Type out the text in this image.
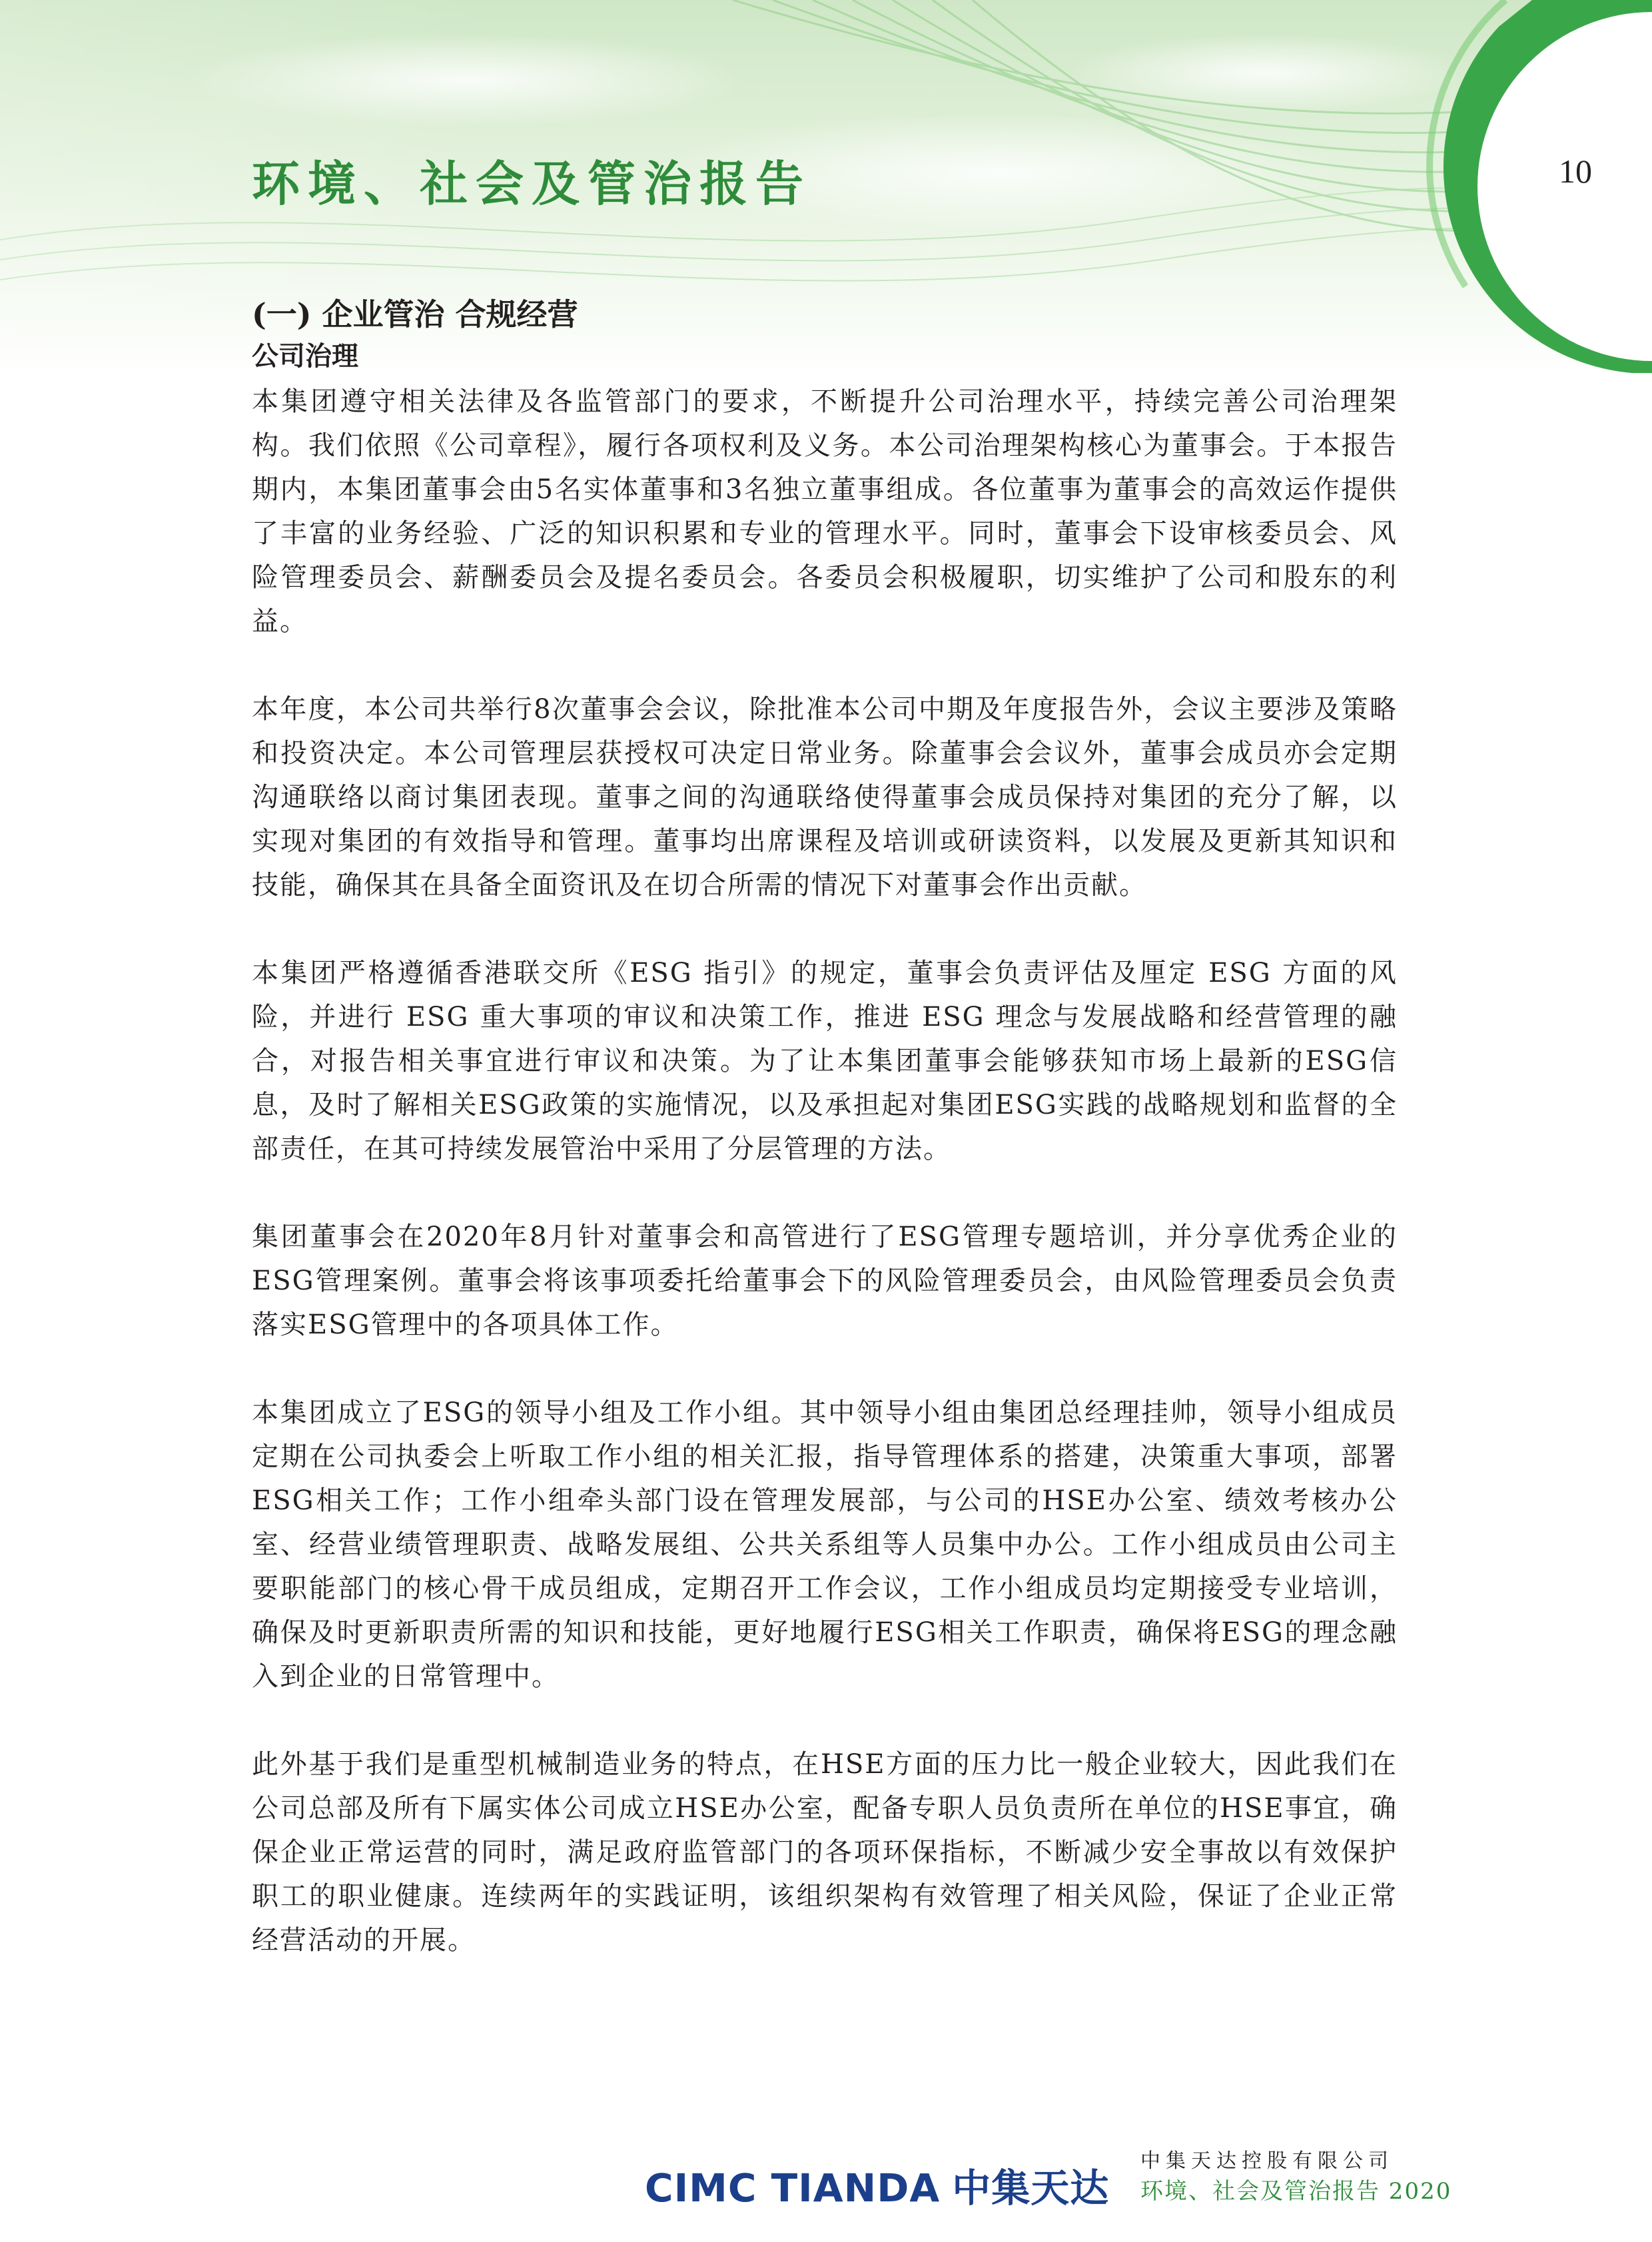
环境、社会及管治报告	10
(一) 企业管治 合规经营
公司治理

本集团遵守相关法律及各监管部门的要求，不断提升公司治理水平，持续完善公司治理架构。我们依照《公司章程》，履行各项权利及义务。本公司治理架构核心为董事会。于本报告期内，本集团董事会由5名实体董事和3名独立董事组成。各位董事为董事会的高效运作提供了丰富的业务经验、广泛的知识积累和专业的管理水平。同时，董事会下设审核委员会、风险管理委员会、薪酬委员会及提名委员会。各委员会积极履职，切实维护了公司和股东的利益。

本年度，本公司共举行8次董事会会议，除批准本公司中期及年度报告外，会议主要涉及策略和投资决定。本公司管理层获授权可决定日常业务。除董事会会议外，董事会成员亦会定期沟通联络以商讨集团表现。董事之间的沟通联络使得董事会成员保持对集团的充分了解，以实现对集团的有效指导和管理。董事均出席课程及培训或研读资料，以发展及更新其知识和技能，确保其在具备全面资讯及在切合所需的情况下对董事会作出贡献。

本集团严格遵循香港联交所《ESG 指引》的规定，董事会负责评估及厘定 ESG 方面的风险，并进行 ESG 重大事项的审议和决策工作，推进 ESG 理念与发展战略和经营管理的融合，对报告相关事宜进行审议和决策。为了让本集团董事会能够获知市场上最新的ESG信息，及时了解相关ESG政策的实施情况，以及承担起对集团ESG实践的战略规划和监督的全部责任，在其可持续发展管治中采用了分层管理的方法。

集团董事会在2020年8月针对董事会和高管进行了ESG管理专题培训，并分享优秀企业的ESG管理案例。董事会将该事项委托给董事会下的风险管理委员会，由风险管理委员会负责落实ESG管理中的各项具体工作。

本集团成立了ESG的领导小组及工作小组。其中领导小组由集团总经理挂帅，领导小组成员定期在公司执委会上听取工作小组的相关汇报，指导管理体系的搭建，决策重大事项，部署ESG相关工作；工作小组牵头部门设在管理发展部，与公司的HSE办公室、绩效考核办公室、经营业绩管理职责、战略发展组、公共关系组等人员集中办公。工作小组成员由公司主要职能部门的核心骨干成员组成，定期召开工作会议，工作小组成员均定期接受专业培训，确保及时更新职责所需的知识和技能，更好地履行ESG相关工作职责，确保将ESG的理念融入到企业的日常管理中。

此外基于我们是重型机械制造业务的特点，在HSE方面的压力比一般企业较大，因此我们在公司总部及所有下属实体公司成立HSE办公室，配备专职人员负责所在单位的HSE事宜，确保企业正常运营的同时，满足政府监管部门的各项环保指标，不断减少安全事故以有效保护职工的职业健康。连续两年的实践证明，该组织架构有效管理了相关风险，保证了企业正常经营活动的开展。

CIMC TIANDA 中集天达
中集天达控股有限公司
环境、社会及管治报告 2020
